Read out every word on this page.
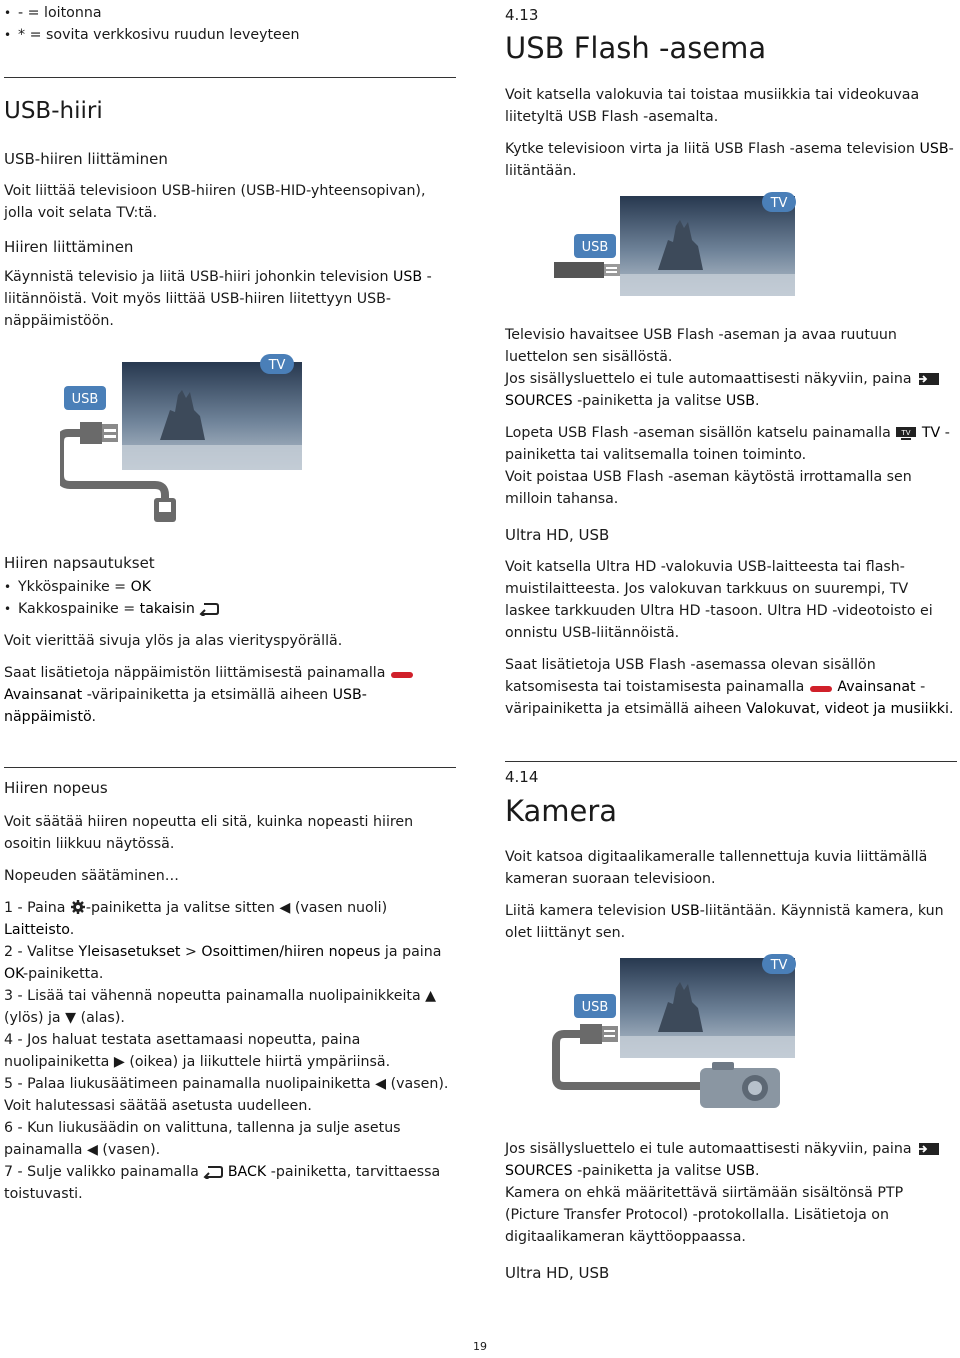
• - = loitonna
• * = sovita verkkosivu ruudun leveyteen
USB-hiiri

USB-hiiren liittäminen

Voit liittää televisioon USB-hiiren (USB-HID-yhteensopivan), jolla voit selata TV:tä.

Hiiren liittäminen

Käynnistä televisio ja liitä USB-hiiri johonkin television USB -liitännöistä. Voit myös liittää USB-hiiren liitettyyn USB-näppäimistöön.

TV
USB

Hiiren napsautukset

• Ykköspainike = OK
• Kakkospainike = takaisin

Voit vierittää sivuja ylös ja alas vierityspyörällä.

Saat lisätietoja näppäimistön liittämisestä painamalla  Avainsanat -väripainiketta ja etsimällä aiheen USB-näppäimistö.

Hiiren nopeus

Voit säätää hiiren nopeutta eli sitä, kuinka nopeasti hiiren osoitin liikkuu näytössä.

Nopeuden säätäminen…

1 - Paina -painiketta ja valitse sitten ◀ (vasen nuoli) Laitteisto.

2 - Valitse Yleisasetukset > Osoittimen/hiiren nopeus ja paina OK-painiketta.

3 - Lisää tai vähennä nopeutta painamalla nuolipainikkeita ▲ (ylös) ja ▼ (alas).

4 - Jos haluat testata asettamaasi nopeutta, paina nuolipainiketta ▶ (oikea) ja liikuttele hiirtä ympäriinsä.

5 - Palaa liukusäätimeen painamalla nuolipainiketta ◀ (vasen).

Voit halutessasi säätää asetusta uudelleen.

6 - Kun liukusäädin on valittuna, tallenna ja sulje asetus painamalla ◀ (vasen).

7 - Sulje valikko painamalla  BACK -painiketta, tarvittaessa toistuvasti.

4.13
USB Flash -asema

Voit katsella valokuvia tai toistaa musiikkia tai videokuvaa liitetyltä USB Flash -asemalta.

Kytke televisioon virta ja liitä USB Flash -asema television USB-liitäntään.

TV
USB

Televisio havaitsee USB Flash -aseman ja avaa ruutuun luettelon sen sisällöstä.

Jos sisällysluettelo ei tule automaattisesti näkyviin, paina  SOURCES -painiketta ja valitse USB.

Lopeta USB Flash -aseman sisällön katselu painamalla TV TV -painiketta tai valitsemalla toinen toiminto.

Voit poistaa USB Flash -aseman käytöstä irrottamalla sen milloin tahansa.

Ultra HD, USB

Voit katsella Ultra HD -valokuvia USB-laitteesta tai flash-muistilaitteesta. Jos valokuvan tarkkuus on suurempi, TV laskee tarkkuuden Ultra HD -tasoon. Ultra HD -videotoisto ei onnistu USB-liitännöistä.

Saat lisätietoja USB Flash -asemassa olevan sisällön katsomisesta tai toistamisesta painamalla  Avainsanat -väripainiketta ja etsimällä aiheen Valokuvat, videot ja musiikki.

4.14
Kamera

Voit katsoa digitaalikameralle tallennettuja kuvia liittämällä kameran suoraan televisioon.

Liitä kamera television USB-liitäntään. Käynnistä kamera, kun olet liittänyt sen.

TV
USB

Jos sisällysluettelo ei tule automaattisesti näkyviin, paina  SOURCES -painiketta ja valitse USB.

Kamera on ehkä määritettävä siirtämään sisältönsä PTP (Picture Transfer Protocol) -protokollalla. Lisätietoja on digitaalikameran käyttöoppaassa.

Ultra HD, USB

19
